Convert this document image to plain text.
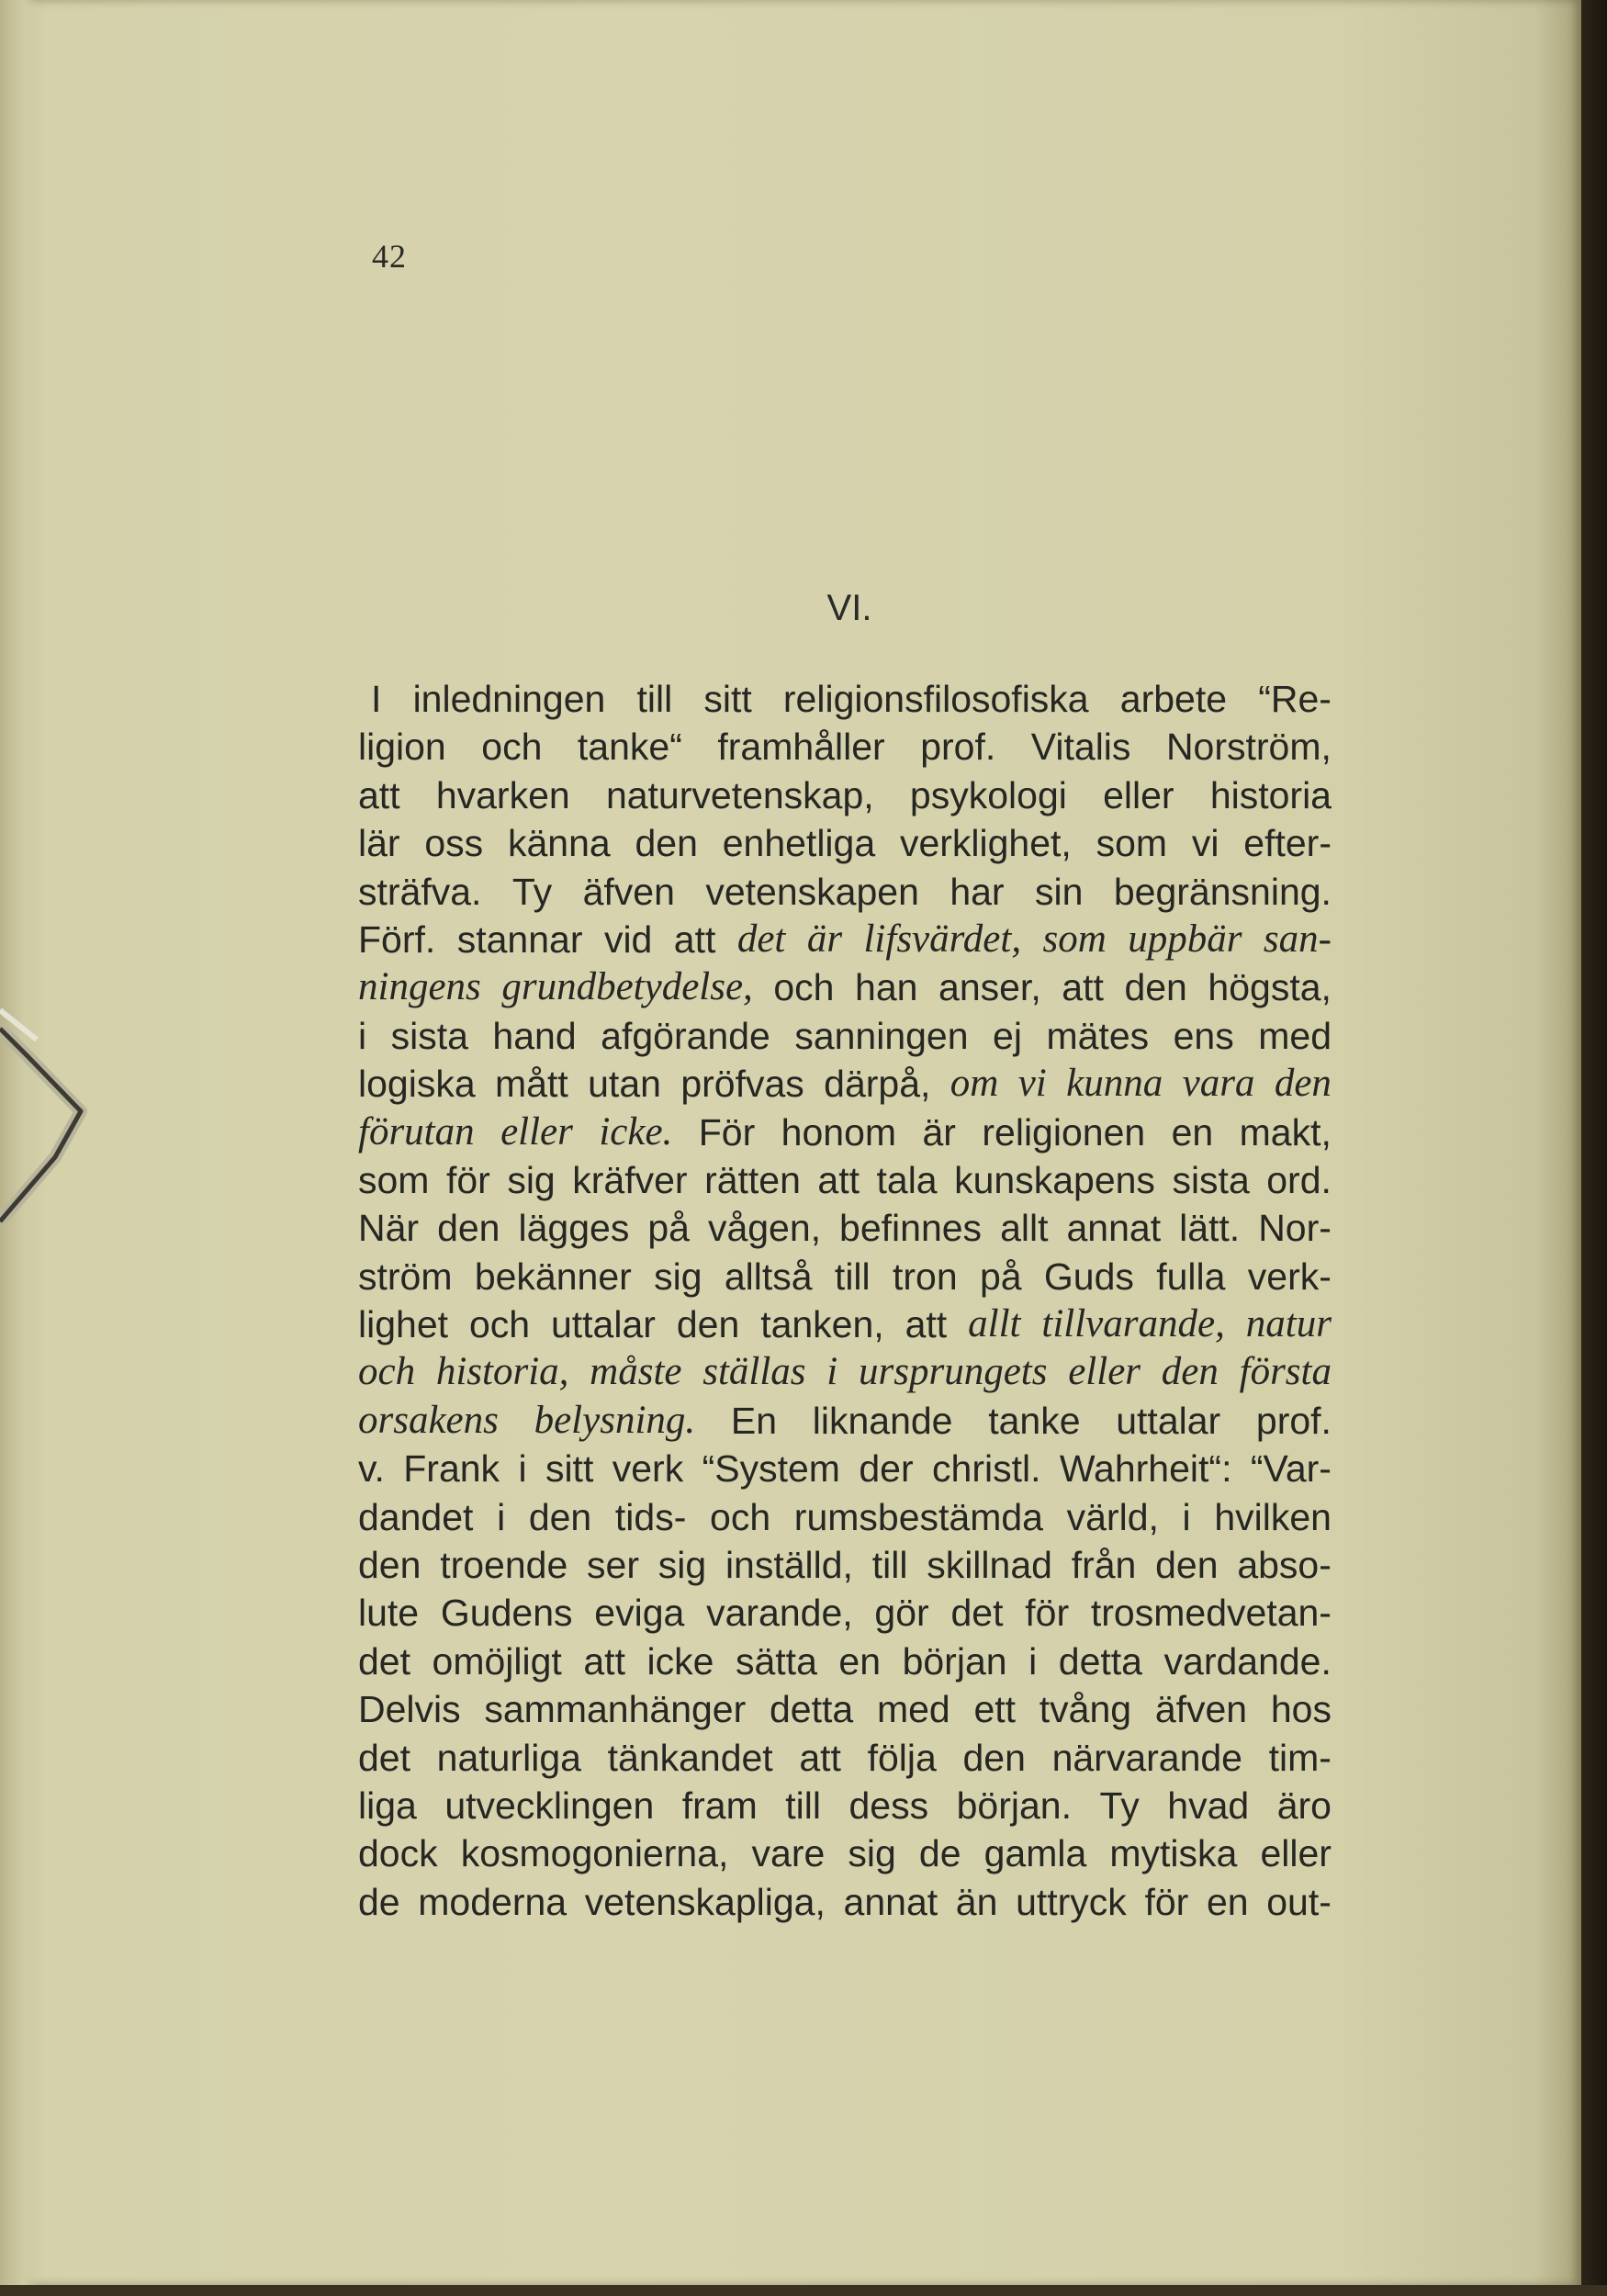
42
VI.
I inledningen till sitt religionsfilosofiska arbete “Re-
ligion och tanke“ framhåller prof. Vitalis Norström,
att hvarken naturvetenskap, psykologi eller historia
lär oss känna den enhetliga verklighet, som vi efter-
sträfva. Ty äfven vetenskapen har sin begränsning.
Förf. stannar vid att det är lifsvärdet, som uppbär san-
ningens grundbetydelse, och han anser, att den högsta,
i sista hand afgörande sanningen ej mätes ens med
logiska mått utan pröfvas därpå, om vi kunna vara den
förutan eller icke. För honom är religionen en makt,
som för sig kräfver rätten att tala kunskapens sista ord.
När den lägges på vågen, befinnes allt annat lätt. Nor-
ström bekänner sig alltså till tron på Guds fulla verk-
lighet och uttalar den tanken, att allt tillvarande, natur
och historia, måste ställas i ursprungets eller den första
orsakens belysning. En liknande tanke uttalar prof.
v. Frank i sitt verk “System der christl. Wahrheit“: “Var-
dandet i den tids- och rumsbestämda värld, i hvilken
den troende ser sig inställd, till skillnad från den abso-
lute Gudens eviga varande, gör det för trosmedvetan-
det omöjligt att icke sätta en början i detta vardande.
Delvis sammanhänger detta med ett tvång äfven hos
det naturliga tänkandet att följa den närvarande tim-
liga utvecklingen fram till dess början. Ty hvad äro
dock kosmogonierna, vare sig de gamla mytiska eller
de moderna vetenskapliga, annat än uttryck för en out-
